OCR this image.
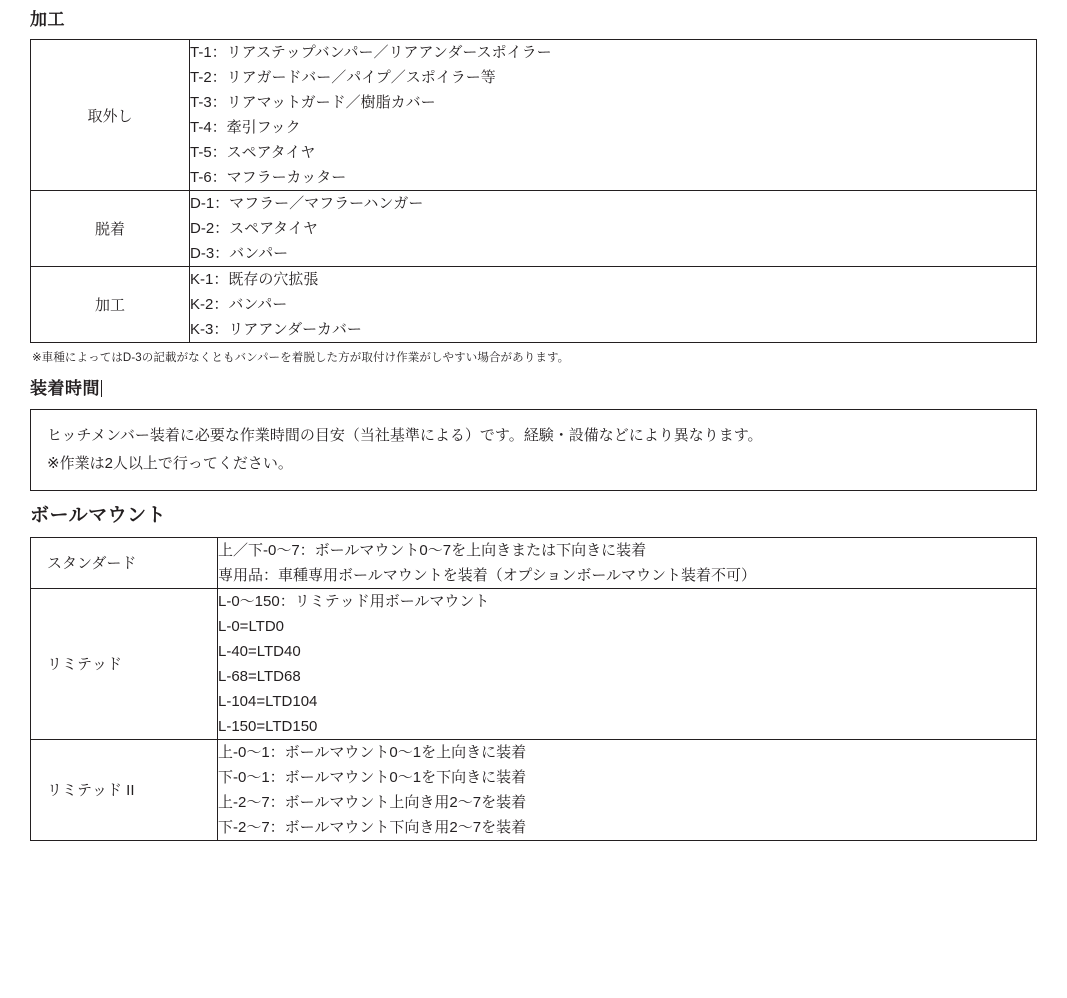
加工
取外し	
T-1：リアステップバンパー／リアアンダースポイラー
T-2：リアガードバー／パイプ／スポイラー等
T-3：リアマットガード／樹脂カバー
T-4：牽引フック
T-5：スペアタイヤ
T-6：マフラーカッター

脱着	D-1：マフラー／マフラーハンガー
D-2：スペアタイヤ
D-3：バンパー

加工	K-1：既存の穴拡張
K-2：バンパー
K-3：リアアンダーカバー
※車種によってはD-3の記載がなくともバンパーを着脱した方が取付け作業がしやすい場合があります。
装着時間
ヒッチメンバー装着に必要な作業時間の目安（当社基準による）です。経験・設備などにより異なります。
※作業は2人以上で行ってください。
ボールマウント
スタンダード	上／下-0〜7：ボールマウント0〜7を上向きまたは下向きに装着
専用品：車種専用ボールマウントを装着（オプションボールマウント装着不可）

リミテッド	
L-0〜150：リミテッド用ボールマウント
L-0=LTD0
L-40=LTD40
L-68=LTD68
L-104=LTD104
L-150=LTD150

リミテッド II	上-0〜1：ボールマウント0〜1を上向きに装着
下-0〜1：ボールマウント0〜1を下向きに装着
上-2〜7：ボールマウント上向き用2〜7を装着
下-2〜7：ボールマウント下向き用2〜7を装着
